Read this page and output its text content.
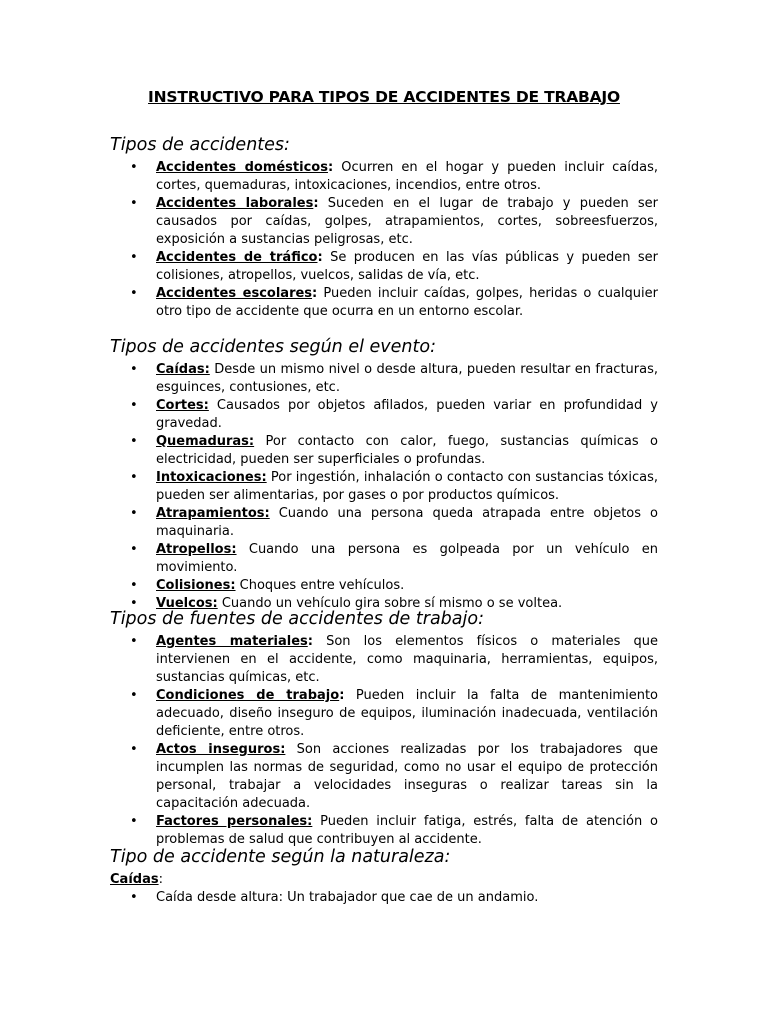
INSTRUCTIVO PARA TIPOS DE ACCIDENTES DE TRABAJO
Tipos de accidentes:
• Accidentes domésticos: Ocurren en el hogar y pueden incluir caídas, cortes, quemaduras, intoxicaciones, incendios, entre otros.
• Accidentes laborales: Suceden en el lugar de trabajo y pueden ser causados por caídas, golpes, atrapamientos, cortes, sobreesfuerzos, exposición a sustancias peligrosas, etc.
• Accidentes de tráfico: Se producen en las vías públicas y pueden ser colisiones, atropellos, vuelcos, salidas de vía, etc.
• Accidentes escolares: Pueden incluir caídas, golpes, heridas o cualquier otro tipo de accidente que ocurra en un entorno escolar.
Tipos de accidentes según el evento:
• Caídas: Desde un mismo nivel o desde altura, pueden resultar en fracturas, esguinces, contusiones, etc.
• Cortes: Causados por objetos afilados, pueden variar en profundidad y gravedad.
• Quemaduras: Por contacto con calor, fuego, sustancias químicas o electricidad, pueden ser superficiales o profundas.
• Intoxicaciones: Por ingestión, inhalación o contacto con sustancias tóxicas, pueden ser alimentarias, por gases o por productos químicos.
• Atrapamientos: Cuando una persona queda atrapada entre objetos o maquinaria.
• Atropellos: Cuando una persona es golpeada por un vehículo en movimiento.
• Colisiones: Choques entre vehículos.
• Vuelcos: Cuando un vehículo gira sobre sí mismo o se voltea.
Tipos de fuentes de accidentes de trabajo:
• Agentes materiales: Son los elementos físicos o materiales que intervienen en el accidente, como maquinaria, herramientas, equipos, sustancias químicas, etc.
• Condiciones de trabajo: Pueden incluir la falta de mantenimiento adecuado, diseño inseguro de equipos, iluminación inadecuada, ventilación deficiente, entre otros.
• Actos inseguros: Son acciones realizadas por los trabajadores que incumplen las normas de seguridad, como no usar el equipo de protección personal, trabajar a velocidades inseguras o realizar tareas sin la capacitación adecuada.
• Factores personales: Pueden incluir fatiga, estrés, falta de atención o problemas de salud que contribuyen al accidente.
Tipo de accidente según la naturaleza:
Caídas:
• Caída desde altura: Un trabajador que cae de un andamio.
